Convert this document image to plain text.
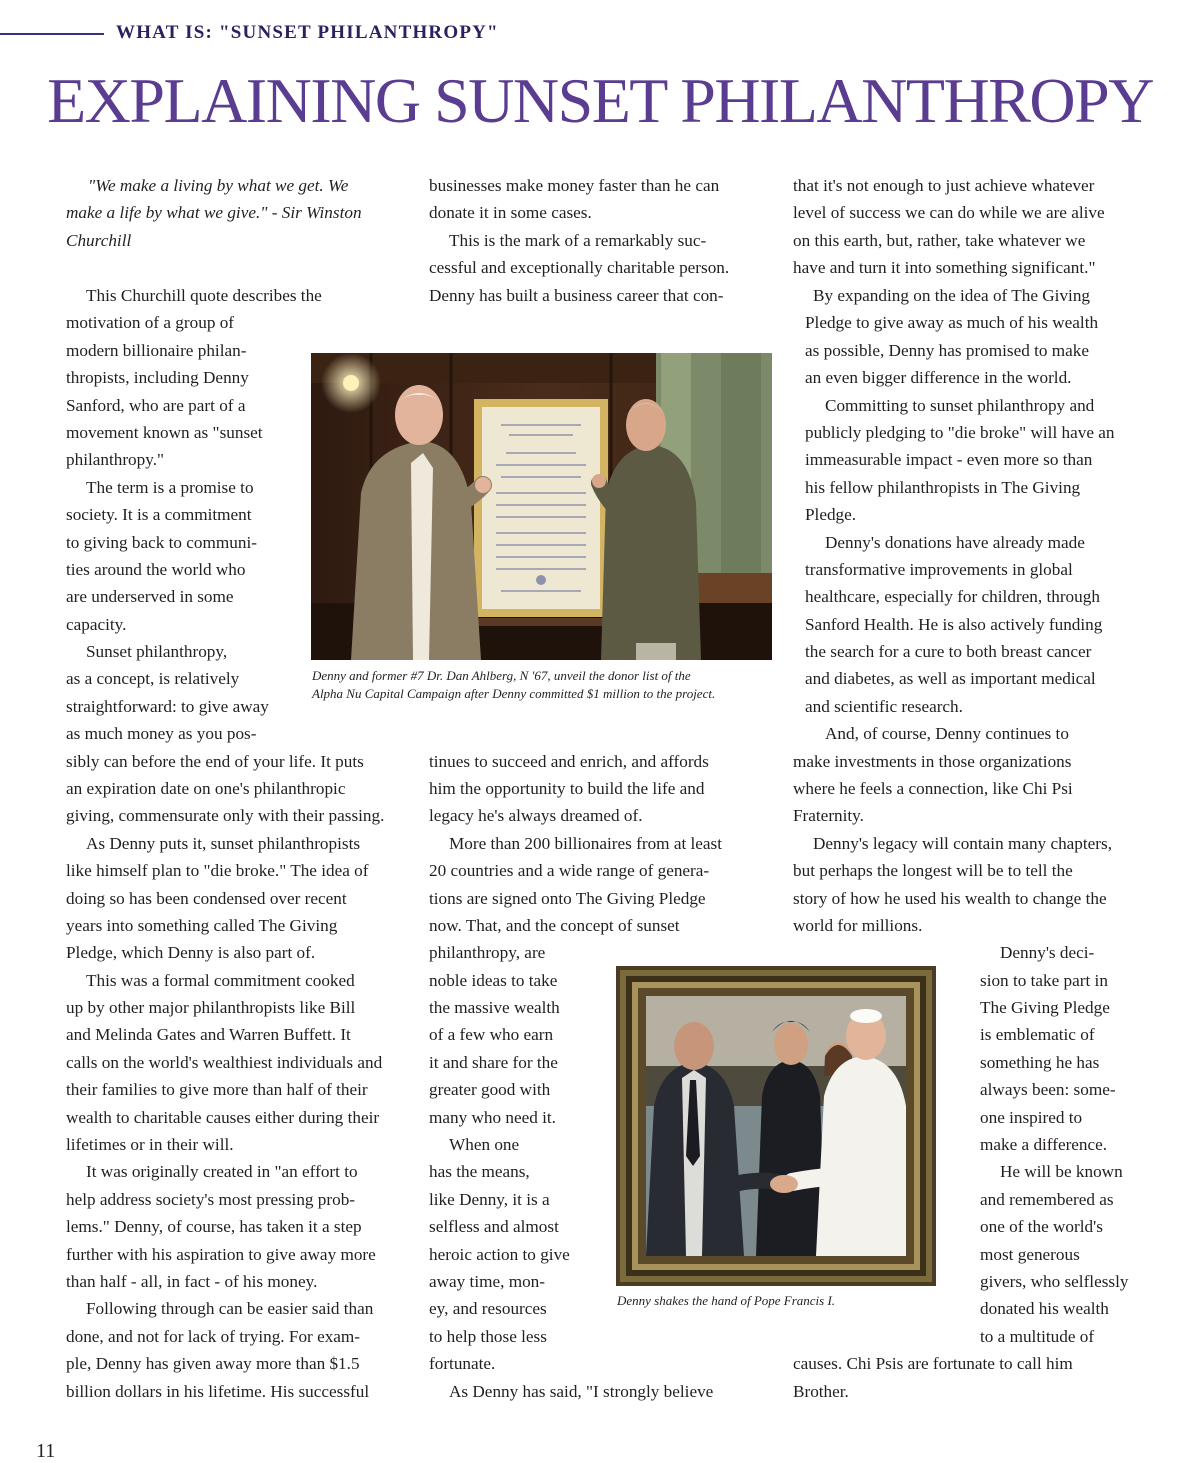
WHAT IS: "SUNSET PHILANTHROPY"
EXPLAINING SUNSET PHILANTHROPY
"We make a living by what we get. We
make a life by what we give." - Sir Winston
Churchill
This Churchill quote describes the
motivation of a group of
modern billionaire philan-
thropists, including Denny
Sanford, who are part of a
movement known as "sunset
philanthropy."
The term is a promise to
society. It is a commitment
to giving back to communi-
ties around the world who
are underserved in some
capacity.
Sunset philanthropy,
as a concept, is relatively
straightforward: to give away
as much money as you pos-
sibly can before the end of your life. It puts
an expiration date on one's philanthropic
giving, commensurate only with their passing.
As Denny puts it, sunset philanthropists
like himself plan to "die broke." The idea of
doing so has been condensed over recent
years into something called The Giving
Pledge, which Denny is also part of.
This was a formal commitment cooked
up by other major philanthropists like Bill
and Melinda Gates and Warren Buffett. It
calls on the world's wealthiest individuals and
their families to give more than half of their
wealth to charitable causes either during their
lifetimes or in their will.
It was originally created in "an effort to
help address society's most pressing prob-
lems." Denny, of course, has taken it a step
further with his aspiration to give away more
than half - all, in fact - of his money.
Following through can be easier said than
done, and not for lack of trying. For exam-
ple, Denny has given away more than $1.5
billion dollars in his lifetime. His successful
businesses make money faster than he can
donate it in some cases.
This is the mark of a remarkably suc-
cessful and exceptionally charitable person.
Denny has built a business career that con-
Denny and former #7 Dr. Dan Ahlberg, N '67, unveil the donor list of the
Alpha Nu Capital Campaign after Denny committed $1 million to the project.
tinues to succeed and enrich, and affords
him the opportunity to build the life and
legacy he's always dreamed of.
More than 200 billionaires from at least
20 countries and a wide range of genera-
tions are signed onto The Giving Pledge
now. That, and the concept of sunset
philanthropy, are
noble ideas to take
the massive wealth
of a few who earn
it and share for the
greater good with
many who need it.
When one
has the means,
like Denny, it is a
selfless and almost
heroic action to give
away time, mon-
ey, and resources
to help those less
fortunate.
As Denny has said, "I strongly believe
Denny shakes the hand of Pope Francis I.
that it's not enough to just achieve whatever
level of success we can do while we are alive
on this earth, but, rather, take whatever we
have and turn it into something significant."
By expanding on the idea of The Giving
Pledge to give away as much of his wealth
as possible, Denny has promised to make
an even bigger difference in the world.
Committing to sunset philanthropy and
publicly pledging to "die broke" will have an
immeasurable impact - even more so than
his fellow philanthropists in The Giving
Pledge.
Denny's donations have already made
transformative improvements in global
healthcare, especially for children, through
Sanford Health. He is also actively funding
the search for a cure to both breast cancer
and diabetes, as well as important medical
and scientific research.
And, of course, Denny continues to
make investments in those organizations
where he feels a connection, like Chi Psi
Fraternity.
Denny's legacy will contain many chapters,
but perhaps the longest will be to tell the
story of how he used his wealth to change the
world for millions.
Denny's deci-
sion to take part in
The Giving Pledge
is emblematic of
something he has
always been: some-
one inspired to
make a difference.
He will be known
and remembered as
one of the world's
most generous
givers, who selflessly
donated his wealth
to a multitude of
causes. Chi Psis are fortunate to call him
Brother.
11
